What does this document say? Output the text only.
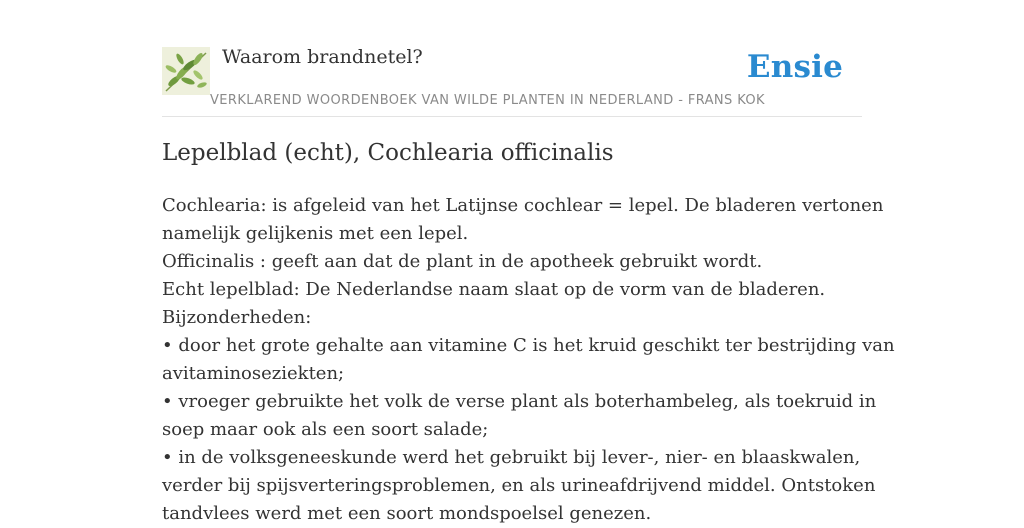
Waarom brandnetel?	Ensie
VERKLAREND WOORDENBOEK VAN WILDE PLANTEN IN NEDERLAND - FRANS KOK
Lepelblad (echt), Cochlearia officinalis
Cochlearia: is afgeleid van het Latijnse cochlear = lepel. De bladeren vertonen
namelijk gelijkenis met een lepel.
Officinalis : geeft aan dat de plant in de apotheek gebruikt wordt.
Echt lepelblad: De Nederlandse naam slaat op de vorm van de bladeren.
Bijzonderheden:
• door het grote gehalte aan vitamine C is het kruid geschikt ter bestrijding van
avitaminoseziekten;
• vroeger gebruikte het volk de verse plant als boterhambeleg, als toekruid in
soep maar ook als een soort salade;
• in de volksgeneeskunde werd het gebruikt bij lever-, nier- en blaaskwalen,
verder bij spijsverteringsproblemen, en als urineafdrijvend middel. Ontstoken
tandvlees werd met een soort mondspoelsel genezen.
